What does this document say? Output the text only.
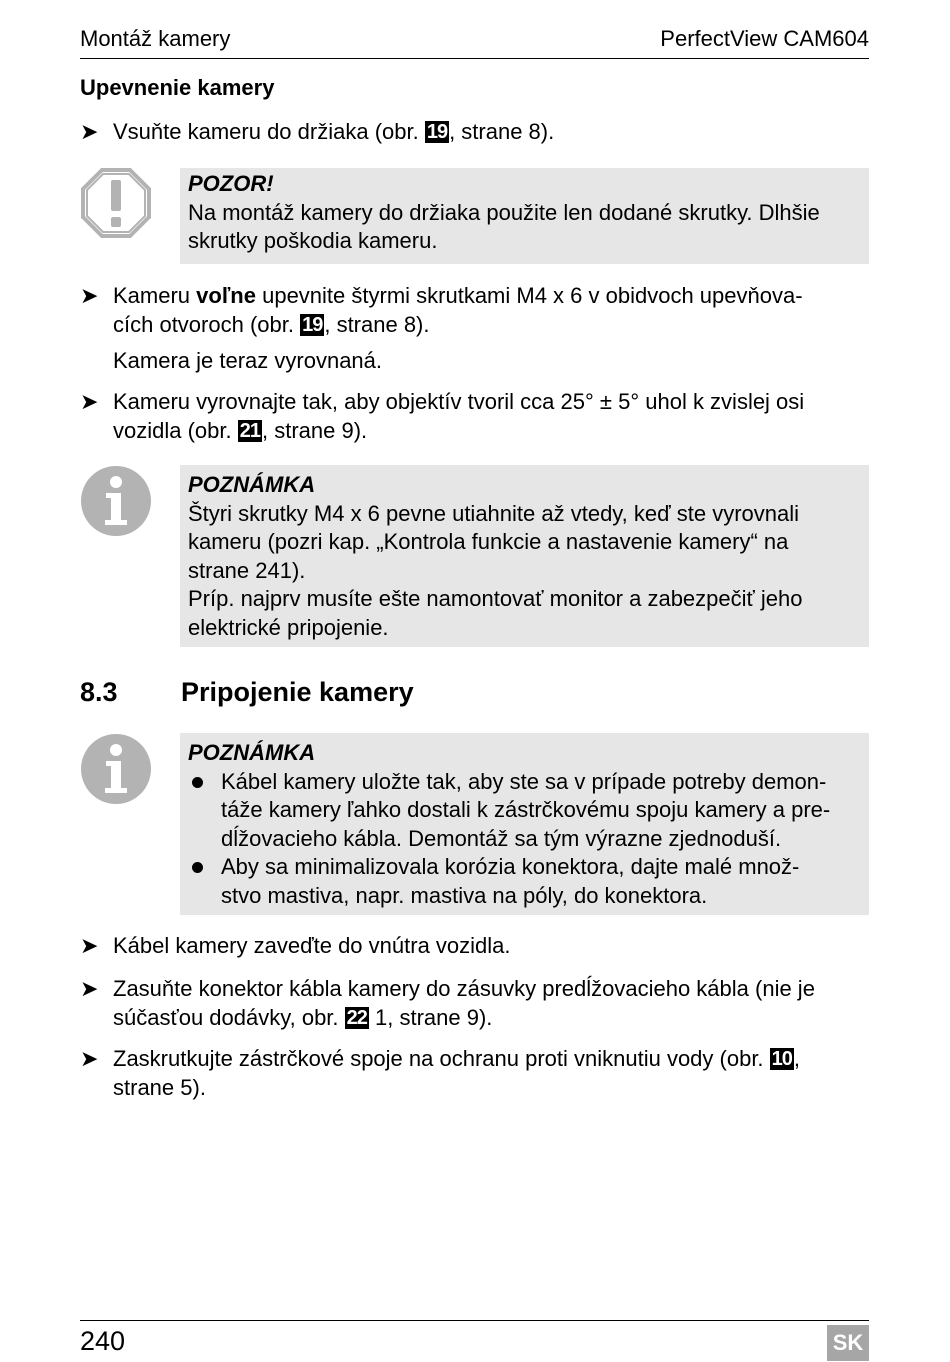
Montáž kamery	PerfectView CAM604
Upevnenie kamery
➤ Vsuňte kameru do držiaka (obr. 19, strane 8).
POZOR!
Na montáž kamery do držiaka použite len dodané skrutky. Dlhšie
skrutky poškodia kameru.
➤ Kameru voľne upevnite štyrmi skrutkami M4 x 6 v obidvoch upevňova-
cích otvoroch (obr. 19, strane 8).
Kamera je teraz vyrovnaná.
➤ Kameru vyrovnajte tak, aby objektív tvoril cca 25° ± 5° uhol k zvislej osi
vozidla (obr. 21, strane 9).
POZNÁMKA
Štyri skrutky M4 x 6 pevne utiahnite až vtedy, keď ste vyrovnali
kameru (pozri kap. „Kontrola funkcie a nastavenie kamery“ na
strane 241).
Príp. najprv musíte ešte namontovať monitor a zabezpečiť jeho
elektrické pripojenie.
8.3 Pripojenie kamery
POZNÁMKA
Kábel kamery uložte tak, aby ste sa v prípade potreby demon-
táže kamery ľahko dostali k zástrčkovému spoju kamery a pre-
dĺžovacieho kábla. Demontáž sa tým výrazne zjednoduší.
Aby sa minimalizovala korózia konektora, dajte malé množ-
stvo mastiva, napr. mastiva na póly, do konektora.
➤ Kábel kamery zaveďte do vnútra vozidla.
➤ Zasuňte konektor kábla kamery do zásuvky predĺžovacieho kábla (nie je
súčasťou dodávky, obr. 22 1, strane 9).
➤ Zaskrutkujte zástrčkové spoje na ochranu proti vniknutiu vody (obr. 10,
strane 5).
240	SK
